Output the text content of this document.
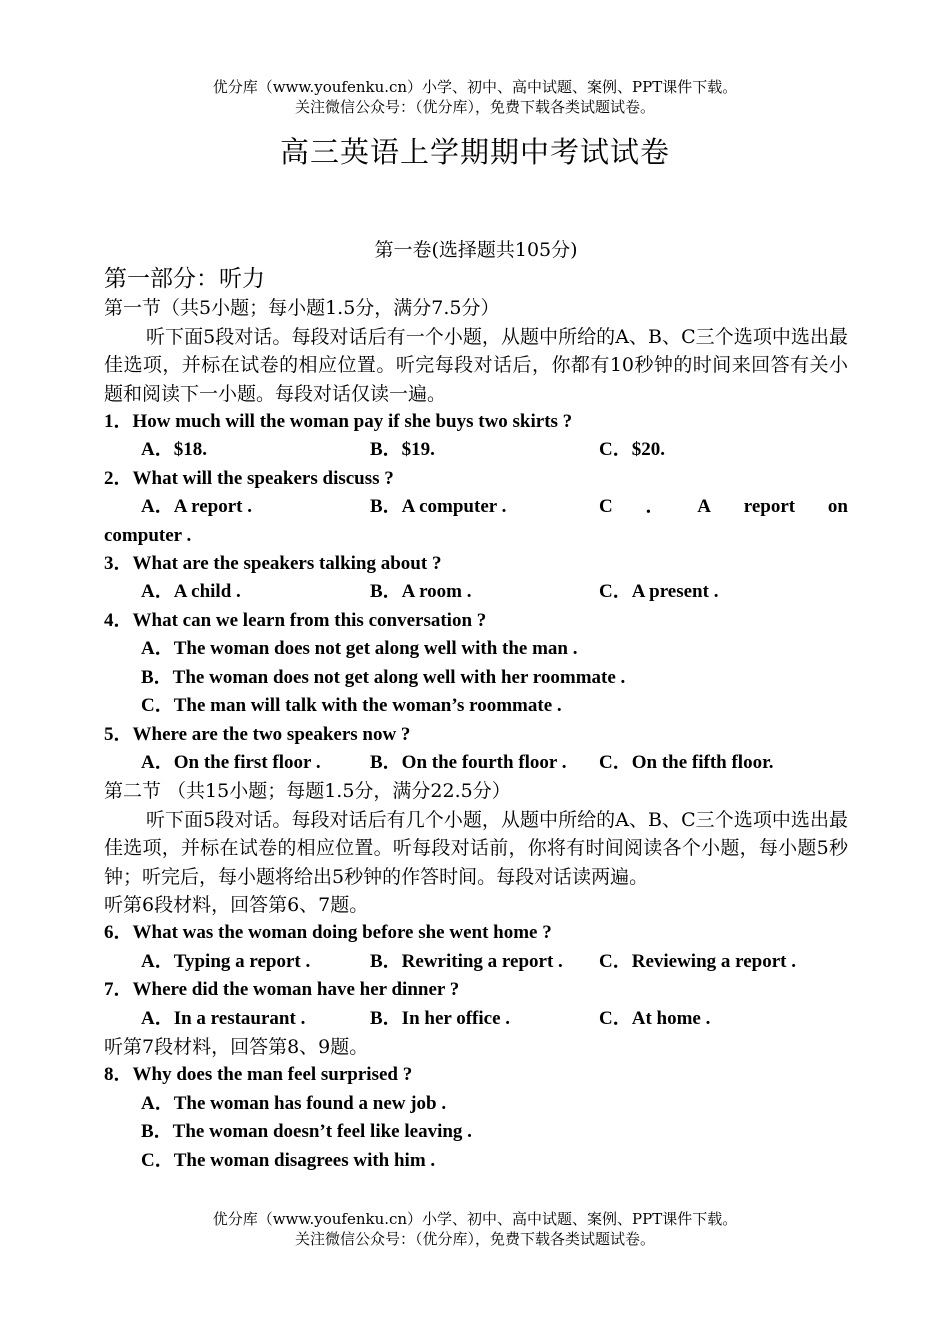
优分库（www.youfenku.cn）小学、初中、高中试题、案例、PPT课件下载。
关注微信公众号：（优分库），免费下载各类试题试卷。
高三英语上学期期中考试试卷

第一卷(选择题共105分)

第一部分：听力

第一节（共5小题；每小题1.5分，满分7.5分）

听下面5段对话。每段对话后有一个小题，从题中所给的A、B、C三个选项中选出最佳选项，并标在试卷的相应位置。听完每段对话后，你都有10秒钟的时间来回答有关小题和阅读下一小题。每段对话仅读一遍。

1．How much will the woman pay if she buys two skirts ?

A．$18.	B．$19.	C．$20.

2．What will the speakers discuss ?

A．A report .	B．A computer .	C ． A report on

computer .

3．What are the speakers talking about ?

A．A child .	B．A room .	C．A present .

4．What can we learn from this conversation ?

A．The woman does not get along well with the man .

B．The woman does not get along well with her roommate .

C．The man will talk with the woman’s roommate .

5．Where are the two speakers now ?

A．On the first floor .	B．On the fourth floor .	C．On the fifth floor.

第二节 （共15小题；每题1.5分，满分22.5分）

听下面5段对话。每段对话后有几个小题，从题中所给的A、B、C三个选项中选出最佳选项，并标在试卷的相应位置。听每段对话前，你将有时间阅读各个小题，每小题5秒钟；听完后，每小题将给出5秒钟的作答时间。每段对话读两遍。

听第6段材料，回答第6、7题。

6．What was the woman doing before she went home ?

A．Typing a report .	B．Rewriting a report .	C．Reviewing a report .

7．Where did the woman have her dinner ?

A．In a restaurant .	B．In her office .	C．At home .

听第7段材料，回答第8、9题。

8．Why does the man feel surprised ?

A．The woman has found a new job .

B．The woman doesn’t feel like leaving .

C．The woman disagrees with him .

优分库（www.youfenku.cn）小学、初中、高中试题、案例、PPT课件下载。
关注微信公众号：（优分库），免费下载各类试题试卷。
